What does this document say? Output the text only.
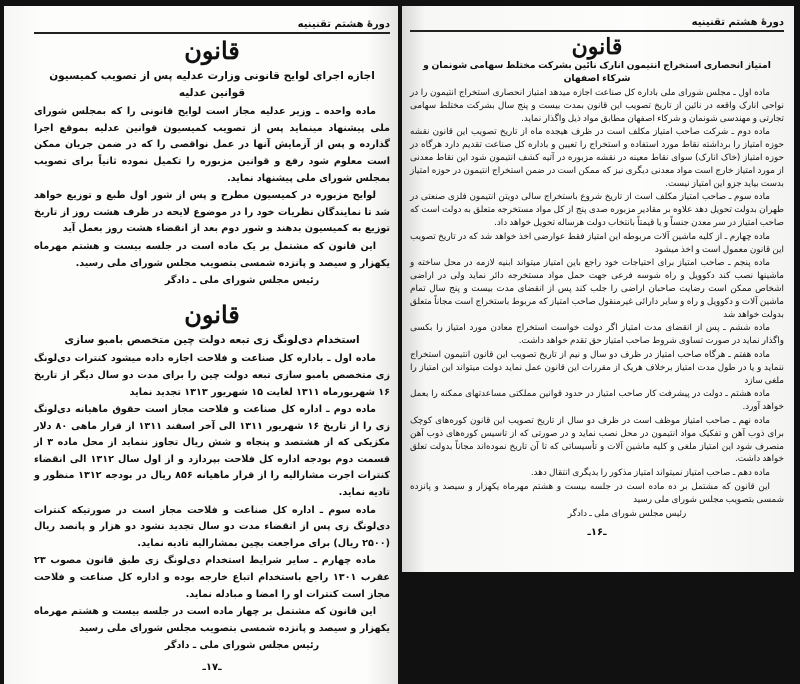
دورهٔ هشتم تقنینیه
قانون
اجازه اجرای لوایح قانونی وزارت عدلیه پس از تصویب کمیسیون قوانین عدلیه

ماده واحده ـ وزیر عدلیه مجاز است لوایح قانونی را که بمجلس شورای ملی پیشنهاد مینماید پس از تصویب کمیسیون قوانین عدلیه بموقع اجرا گذارده و پس از آزمایش آنها در عمل نواقصی را که در ضمن جریان ممکن است معلوم شود رفع و قوانین مزبوره را تکمیل نموده ثانیاً برای تصویب بمجلس شورای ملی پیشنهاد نماید.

لوایح مزبوره در کمیسیون مطرح و پس از شور اول طبع و توزیع خواهد شد تا نمایندگان نظریات خود را در موضوع لایحه در ظرف هشت روز از تاریخ توزیع به کمیسیون بدهند و شور دوم بعد از انقضاء هشت روز بعمل آید

این قانون که مشتمل بر یک ماده است در جلسه بیست و هشتم مهرماه یکهزار و سیصد و پانزده شمسی بتصویب مجلس شورای ملی رسید.

رئیس مجلس شورای ملی ـ دادگر

قانون
استخدام دی‌لونگ زی تبعه دولت چین متخصص بامبو سازی

ماده اول ـ باداره کل صناعت و فلاحت اجازه داده میشود کنترات دی‌لونگ زی متخصص بامبو سازی تبعه دولت چین را برای مدت دو سال دیگر از تاریخ ۱۶ شهریورماه ۱۳۱۱ لغایت ۱۵ شهریور ۱۳۱۳ تجدید نماید

ماده دوم ـ اداره کل صناعت و فلاحت مجاز است حقوق ماهیانه دی‌لونگ زی را از تاریخ ۱۶ شهریور ۱۳۱۱ الی آخر اسفند ۱۳۱۱ از قرار ماهی ۸۰ دلار مکزیکی که از هشتصد و پنجاه و شش ریال تجاوز ننماید از محل ماده ۳ از قسمت دوم بودجه اداره کل فلاحت بپردازد و از اول سال ۱۳۱۲ الی انقضاء کنترات اجرت مشارالیه را از قرار ماهیانه ۸۵۶ ریال در بودجه ۱۳۱۲ منظور و تادیه نماید.

ماده سوم ـ اداره کل صناعت و فلاحت مجاز است در صورتیکه کنترات دی‌لونگ زی پس از انقضاء مدت دو سال تجدید نشود دو هزار و پانصد ریال (۲۵۰۰ ریال) برای مراجعت بچین بمشارالیه تادیه نماید.

ماده چهارم ـ سایر شرایط استخدام دی‌لونگ زی طبق قانون مصوب ۲۳ عقرب ۱۳۰۱ راجع باستخدام اتباع خارجه بوده و اداره کل صناعت و فلاحت مجاز است کنترات او را امضا و مبادله نماید.

این قانون که مشتمل بر چهار ماده است در جلسه بیست و هشتم مهرماه یکهزار و سیصد و پانزده شمسی بتصویب مجلس شورای ملی رسید

رئیس مجلس شورای ملی ـ دادگر

ـ۱۷ـ
دورهٔ هشتم تقنینیه
قانون
امتیاز انحصاری استخراج انتیمون انارک نائین بشرکت مختلط سهامی شونمان و شرکاء اصفهان

ماده اول ـ مجلس شورای ملی باداره کل صناعت اجازه میدهد امتیاز انحصاری استخراج انتیمون را در نواحی انارک واقعه در نائین از تاریخ تصویب این قانون بمدت بیست و پنج سال بشرکت مختلط سهامی تجارتی و مهندسی شونمان و شرکاء اصفهان مطابق مواد ذیل واگذار نماید.

ماده دوم ـ شرکت صاحب امتیاز مکلف است در ظرف هیجده ماه از تاریخ تصویب این قانون نقشه حوزه امتیاز را برداشته نقاط مورد استفاده و استخراج را تعیین و باداره کل صناعت تقدیم دارد هرگاه در حوزه امتیاز (خاک انارک) سوای نقاط معینه در نقشه مزبوره در آتیه کشف انتیمون شود این نقاط معدنی از مورد امتیاز خارج است مواد معدنی دیگری نیز که ممکن است در ضمن استخراج انتیمون در حوزه امتیاز بدست بیاید جزو این امتیاز نیست.

ماده سوم ـ صاحب امتیاز مکلف است از تاریخ شروع باستخراج سالی دویتن انتیمون فلزی صنعتی در طهران بدولت تحویل دهد علاوه بر مقادیر مزبوره صدی پنج از کل مواد مستخرجه متعلق به دولت است که صاحب امتیاز در سر معدن جنساً و یا قیمتاً بانتخاب دولت هرساله تحویل خواهد داد.

ماده چهارم ـ از کلیه ماشین آلات مربوطه این امتیاز فقط عوارضی اخذ خواهد شد که در تاریخ تصویب این قانون معمول است و اخذ میشود

ماده پنجم ـ صاحب امتیاز برای احتیاجات خود راجع باین امتیاز میتواند ابنیه لازمه در محل ساخته و ماشینها نصب کند دکوویل و راه شوسه فرعی جهت حمل مواد مستخرجه دائر نماید ولی در اراضی اشخاص ممکن است رضایت صاحبان اراضی را جلب کند پس از انقضای مدت بیست و پنج سال تمام ماشین آلات و دکوویل و راه و سایر دارائی غیرمنقول صاحب امتیاز که مربوط باستخراج است مجاناً متعلق بدولت خواهد شد

ماده ششم ـ پس از انقضای مدت امتیاز اگر دولت خواست استخراج معادن مورد امتیاز را بکسی واگذار نماید در صورت تساوی شروط صاحب امتیاز حق تقدم خواهد داشت.

ماده هفتم ـ هرگاه صاحب امتیاز در ظرف دو سال و نیم از تاریخ تصویب این قانون انتیمون استخراج ننماید و یا در طول مدت امتیاز برخلاف هریک از مقررات این قانون عمل نماید دولت میتواند این امتیاز را ملغی سازد

ماده هشتم ـ دولت در پیشرفت کار صاحب امتیاز در حدود قوانین مملکتی مساعدتهای ممکنه را بعمل خواهد آورد.

ماده نهم ـ صاحب امتیاز موظف است در ظرف دو سال از تاریخ تصویب این قانون کوره‌های کوچک برای ذوب آهن و تفکیک مواد انتیمون در محل نصب نماید و در صورتی که از تاسیس کوره‌های ذوب آهن منصرف شود این امتیاز ملغی و کلیه ماشین آلات و تأسیساتی که تا آن تاریخ نموده‌اند مجاناً بدولت تعلق خواهد داشت.

ماده دهم ـ صاحب امتیاز نمیتواند امتیاز مذکور را بدیگری انتقال دهد.

این قانون که مشتمل بر ده ماده است در جلسه بیست و هشتم مهرماه یکهزار و سیصد و پانزده شمسی بتصویب مجلس شورای ملی رسید

رئیس مجلس شورای ملی ـ دادگر

ـ۱۶ـ
